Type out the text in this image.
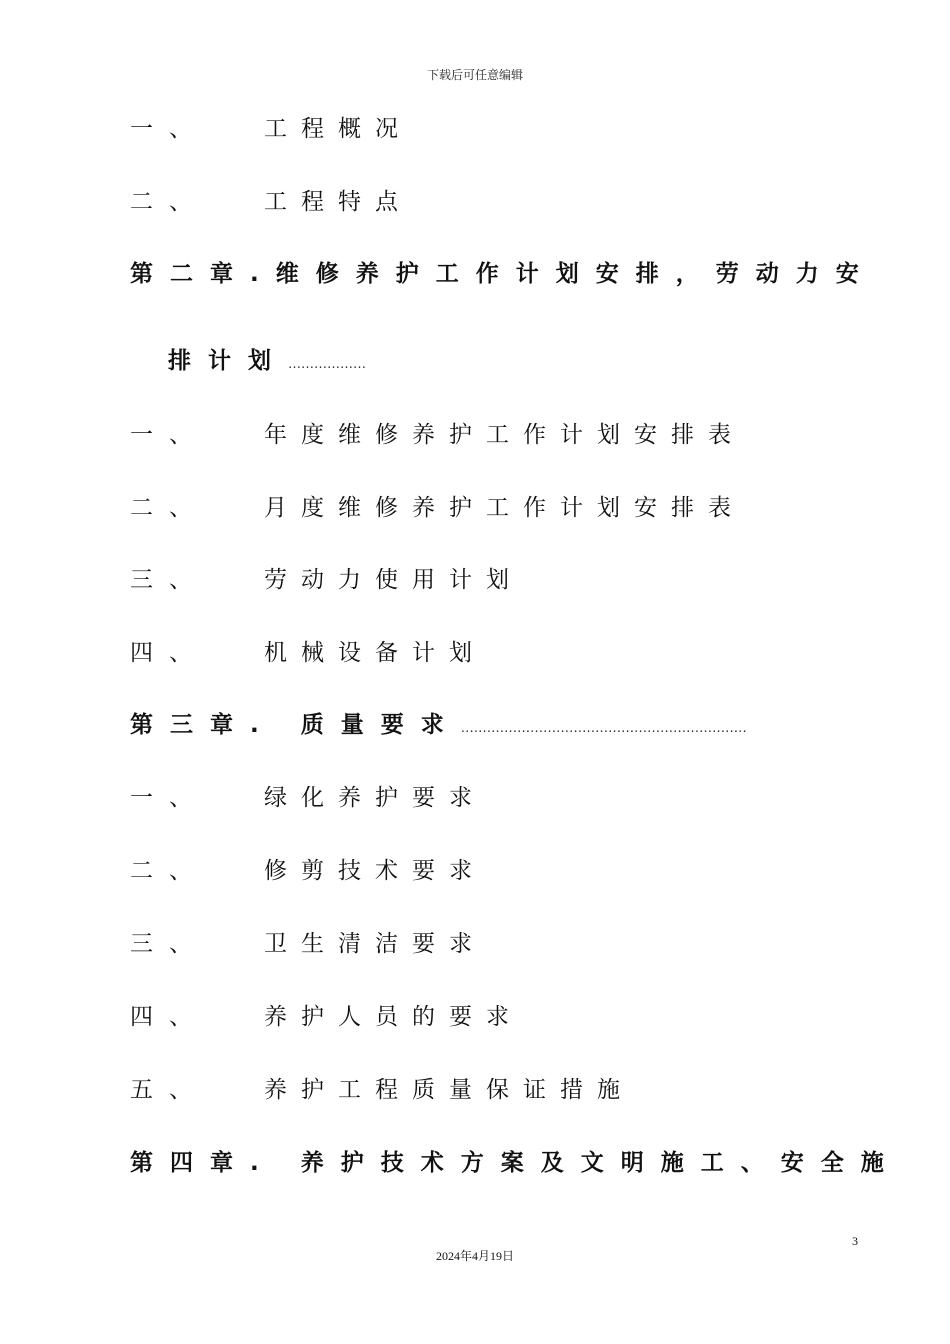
下载后可任意编辑
一、 工程概况
二、 工程特点
第二章.维修养护工作计划安排，劳动力安
排计划………………
一、 年度维修养护工作计划安排表
二、 月度维修养护工作计划安排表
三、 劳动力使用计划
四、 机械设备计划
第三章. 质量要求…………………………………………………………
一、 绿化养护要求
二、 修剪技术要求
三、 卫生清洁要求
四、 养护人员的要求
五、 养护工程质量保证措施
第四章. 养护技术方案及文明施工、安全施
3
2024年4月19日
